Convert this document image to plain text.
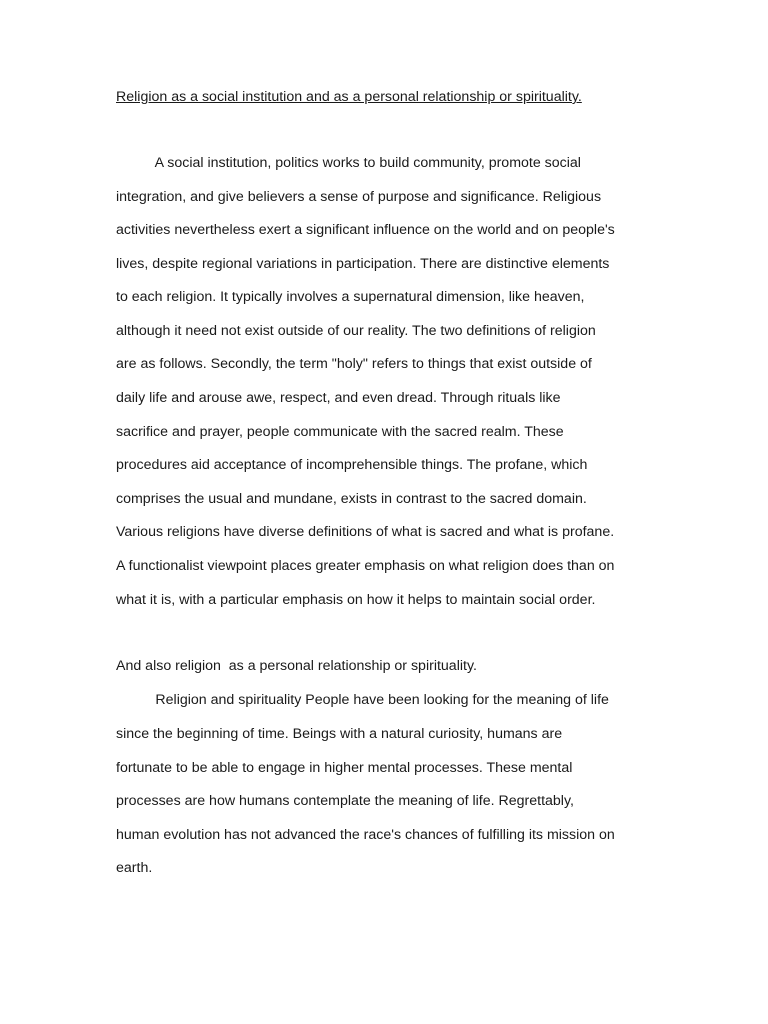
Religion as a social institution and as a personal relationship or spirituality.

A social institution, politics works to build community, promote social

integration, and give believers a sense of purpose and significance. Religious

activities nevertheless exert a significant influence on the world and on people's

lives, despite regional variations in participation. There are distinctive elements

to each religion. It typically involves a supernatural dimension, like heaven,

although it need not exist outside of our reality. The two definitions of religion

are as follows. Secondly, the term "holy" refers to things that exist outside of

daily life and arouse awe, respect, and even dread. Through rituals like

sacrifice and prayer, people communicate with the sacred realm. These

procedures aid acceptance of incomprehensible things. The profane, which

comprises the usual and mundane, exists in contrast to the sacred domain.

Various religions have diverse definitions of what is sacred and what is profane.

A functionalist viewpoint places greater emphasis on what religion does than on

what it is, with a particular emphasis on how it helps to maintain social order.

And also religion  as a personal relationship or spirituality.

Religion and spirituality People have been looking for the meaning of life

since the beginning of time. Beings with a natural curiosity, humans are

fortunate to be able to engage in higher mental processes. These mental

processes are how humans contemplate the meaning of life. Regrettably,

human evolution has not advanced the race's chances of fulfilling its mission on

earth.
